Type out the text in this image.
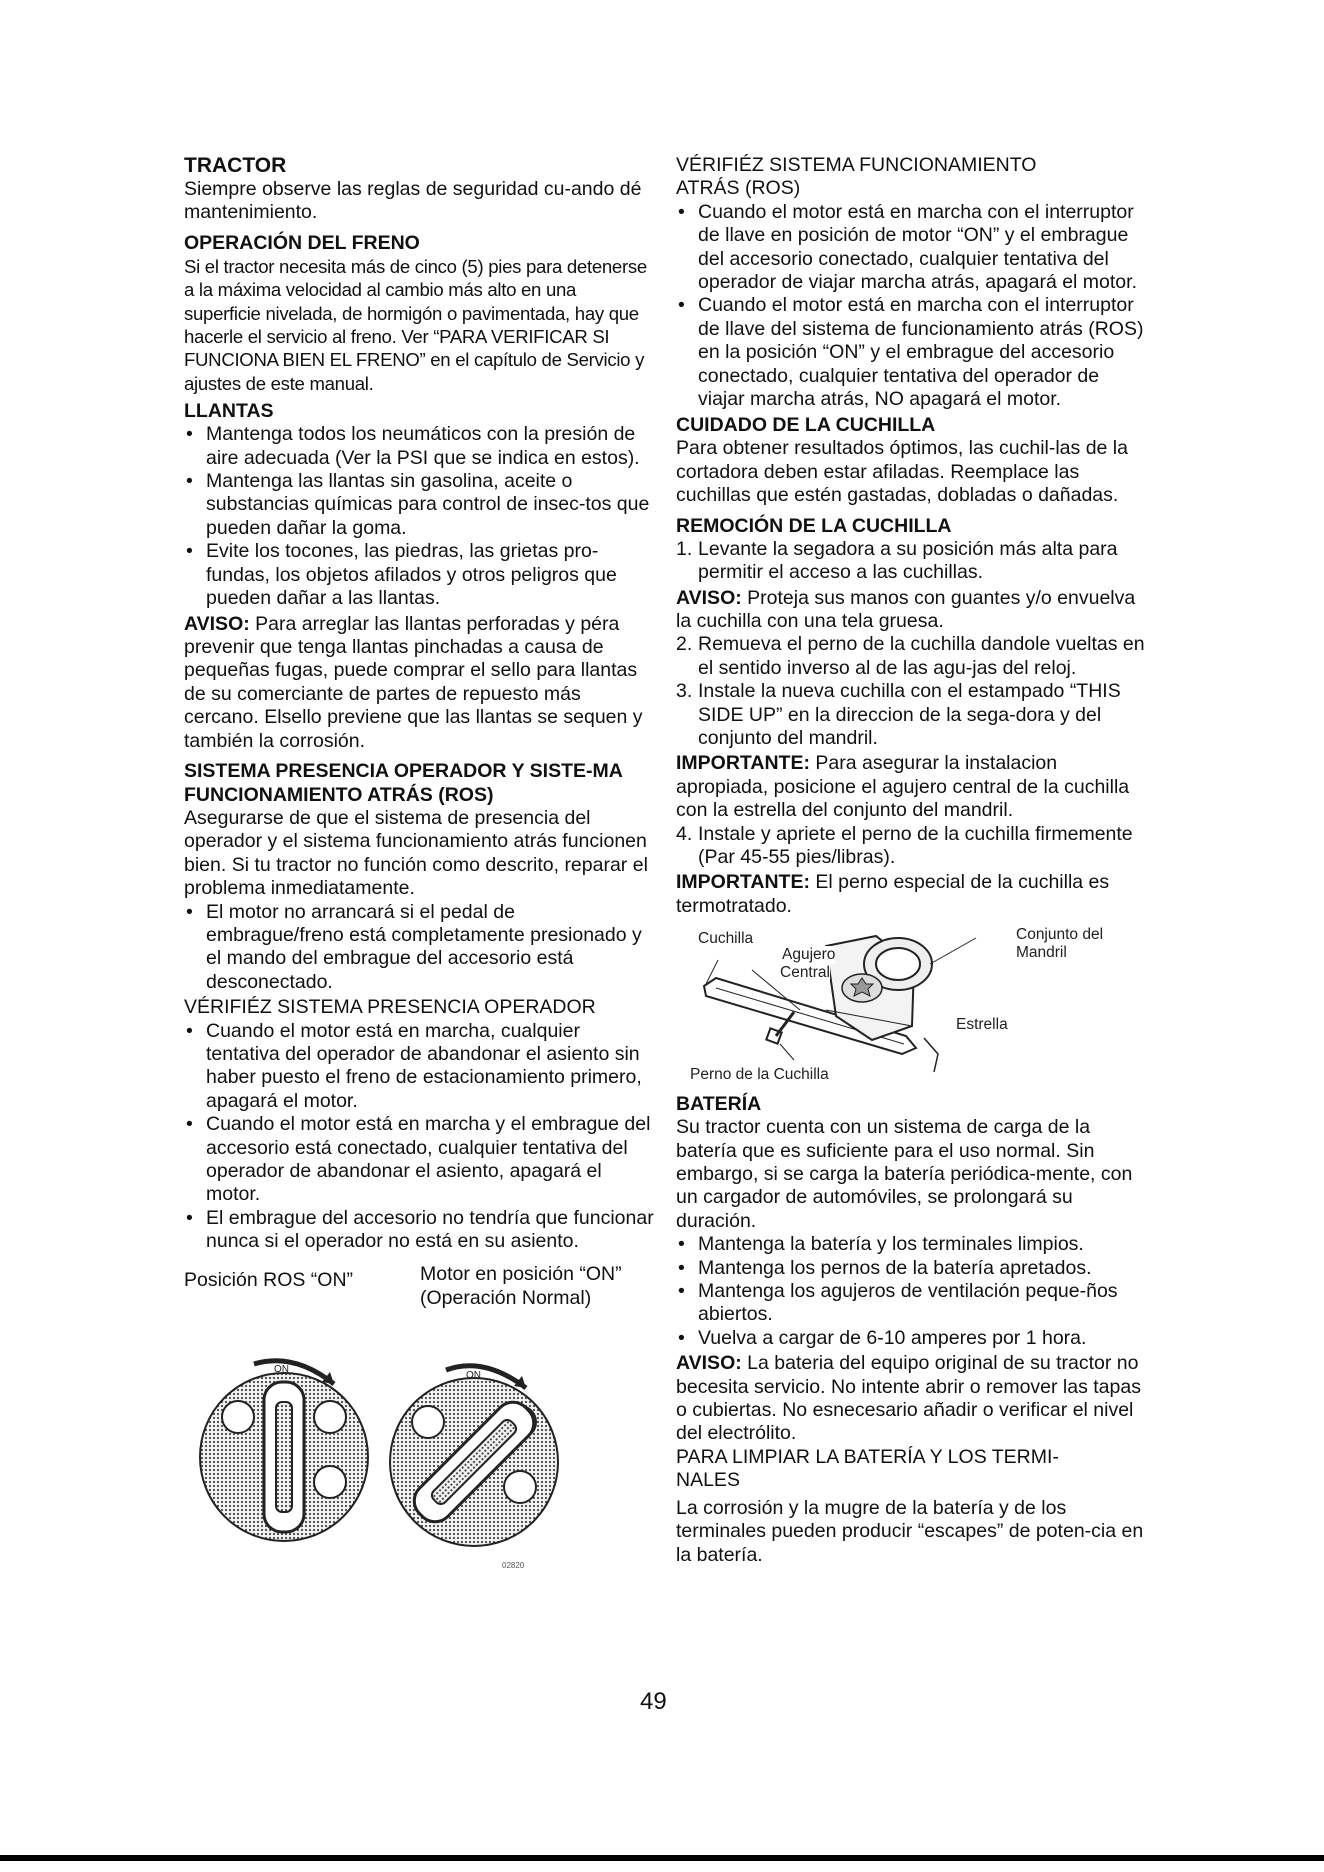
TRACTOR

Siempre observe las reglas de seguridad cu-ando dé mantenimiento.

OPERACIÓN DEL FRENO

Si el tractor necesita más de cinco (5) pies para detenerse a la máxima velocidad al cambio más alto en una superficie nivelada, de hormigón o pavimentada, hay que hacerle el servicio al freno. Ver “PARA VERIFICAR SI FUNCIONA BIEN EL FRENO” en el capítulo de Servicio y ajustes de este manual.

LLANTAS
• Mantenga todos los neumáticos con la presión de aire adecuada (Ver la PSI que se indica en estos).
• Mantenga las llantas sin gasolina, aceite o substancias químicas para control de insec-tos que pueden dañar la goma.
• Evite los tocones, las piedras, las grietas pro-fundas, los objetos afilados y otros peligros que pueden dañar a las llantas.

AVISO: Para arreglar las llantas perforadas y péra prevenir que tenga llantas pinchadas a causa de pequeñas fugas, puede comprar el sello para llantas de su comerciante de partes de repuesto más cercano. Elsello previene que las llantas se sequen y también la corrosión.

SISTEMA PRESENCIA OPERADOR Y SISTE-MA FUNCIONAMIENTO ATRÁS (ROS)

Asegurarse de que el sistema de presencia del operador y el sistema funcionamiento atrás funcionen bien. Si tu tractor no función como descrito, reparar el problema inmediatamente.

• El motor no arrancará si el pedal de embrague/freno está completamente presionado y el mando del embrague del accesorio está desconectado.
VÉRIFIÉZ SISTEMA PRESENCIA OPERADOR
• Cuando el motor está en marcha, cualquier tentativa del operador de abandonar el asiento sin haber puesto el freno de estacionamiento primero, apagará el motor.
• Cuando el motor está en marcha y el embrague del accesorio está conectado, cualquier tentativa del operador de abandonar el asiento, apagará el motor.
• El embrague del accesorio no tendría que funcionar nunca si el operador no está en su asiento.
Posición ROS “ON”	Motor en posición “ON”
(Operación Normal)
ON
ON
02820
VÉRIFIÉZ SISTEMA FUNCIONAMIENTO
ATRÁS (ROS)
• Cuando el motor está en marcha con el interruptor de llave en posición de motor “ON” y el embrague del accesorio conectado, cualquier tentativa del operador de viajar marcha atrás, apagará el motor.
• Cuando el motor está en marcha con el interruptor de llave del sistema de funcionamiento atrás (ROS) en la posición “ON” y el embrague del accesorio conectado, cualquier tentativa del operador de viajar marcha atrás, NO apagará el motor.
CUIDADO DE LA CUCHILLA

Para obtener resultados óptimos, las cuchil-las de la cortadora deben estar afiladas. Reemplace las cuchillas que estén gastadas, dobladas o dañadas.

REMOCIÓN DE LA CUCHILLA
1. Levante la segadora a su posición más alta para permitir el acceso a las cuchillas.

AVISO: Proteja sus manos con guantes y/o envuelva la cuchilla con una tela gruesa.

2. Remueva el perno de la cuchilla dandole vueltas en el sentido inverso al de las agu-jas del reloj.
3. Instale la nueva cuchilla con el estampado “THIS SIDE UP” en la direccion de la sega-dora y del conjunto del mandril.

IMPORTANTE: Para asegurar la instalacion apropiada, posicione el agujero central de la cuchilla con la estrella del conjunto del mandril.

4. Instale y apriete el perno de la cuchilla firmemente (Par 45-55 pies/libras).

IMPORTANTE: El perno especial de la cuchilla es termotratado.

Cuchilla
Agujero
Central
Conjunto del
Mandril
Estrella
Perno de la Cuchilla
BATERÍA

Su tractor cuenta con un sistema de carga de la batería que es suficiente para el uso normal. Sin embargo, si se carga la batería periódica-mente, con un cargador de automóviles, se prolongará su duración.

• Mantenga la batería y los terminales limpios.
• Mantenga los pernos de la batería apretados.
• Mantenga los agujeros de ventilación peque-ños abiertos.
• Vuelva a cargar de 6-10 amperes por 1 hora.

AVISO: La bateria del equipo original de su tractor no becesita servicio. No intente abrir o remover las tapas o cubiertas. No esnecesario añadir o verificar el nivel del electrólito.

PARA LIMPIAR LA BATERÍA Y LOS TERMI-
NALES

La corrosión y la mugre de la batería y de los terminales pueden producir “escapes” de poten-cia en la batería.

49
